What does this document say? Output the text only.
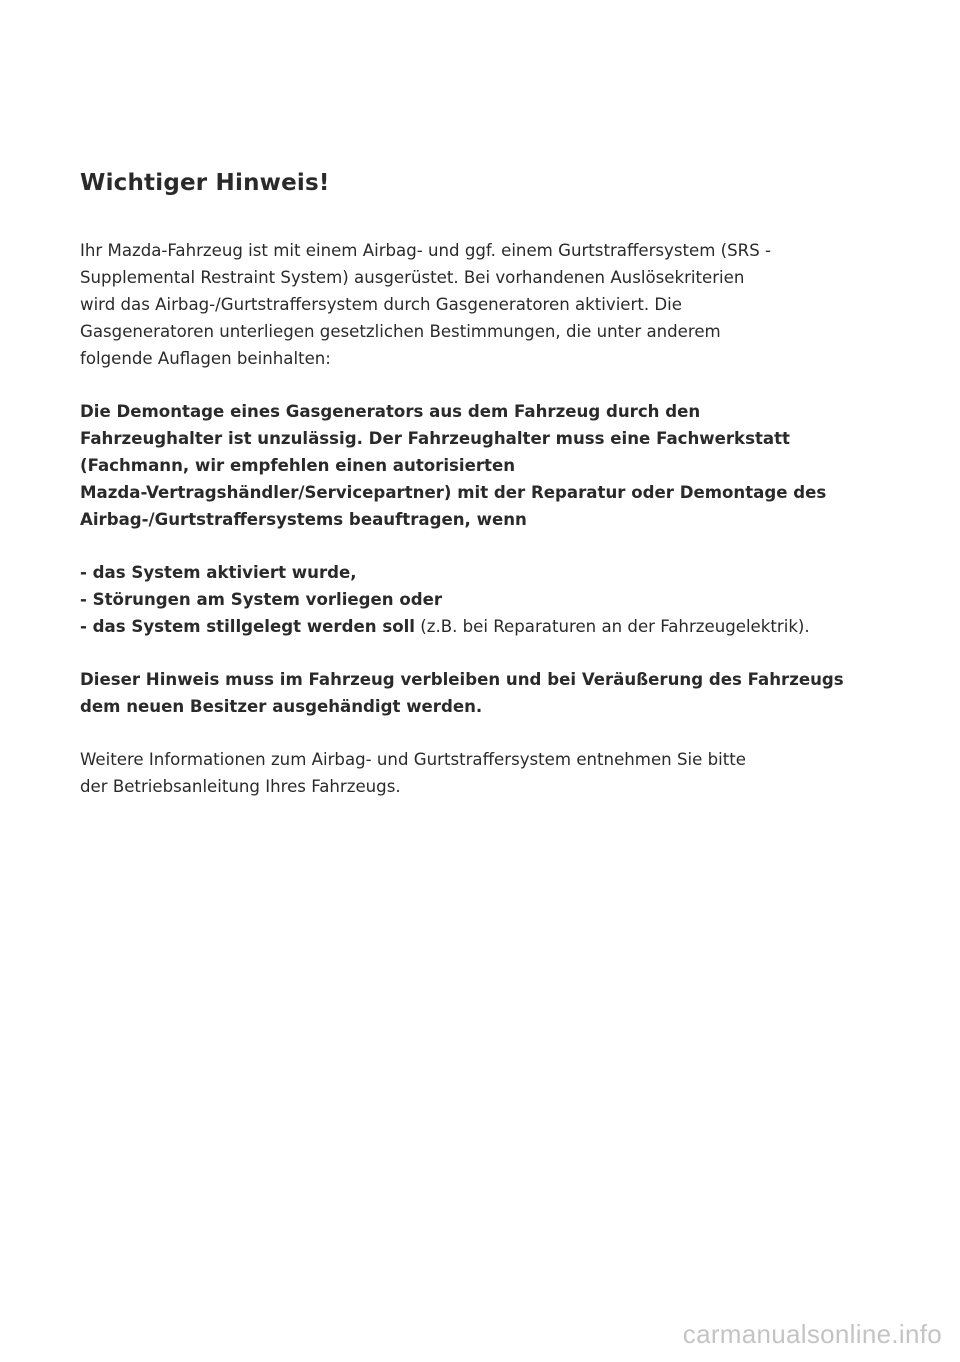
Wichtiger Hinweis!

Ihr Mazda-Fahrzeug ist mit einem Airbag- und ggf. einem Gurtstraffersystem (SRS -
Supplemental Restraint System) ausgerüstet. Bei vorhandenen Auslösekriterien
wird das Airbag-/Gurtstraffersystem durch Gasgeneratoren aktiviert. Die
Gasgeneratoren unterliegen gesetzlichen Bestimmungen, die unter anderem
folgende Auflagen beinhalten:

Die Demontage eines Gasgenerators aus dem Fahrzeug durch den
Fahrzeughalter ist unzulässig. Der Fahrzeughalter muss eine Fachwerkstatt
(Fachmann, wir empfehlen einen autorisierten
Mazda-Vertragshändler/Servicepartner) mit der Reparatur oder Demontage des
Airbag-/Gurtstraffersystems beauftragen, wenn

- das System aktiviert wurde,
- Störungen am System vorliegen oder
- das System stillgelegt werden soll (z.B. bei Reparaturen an der Fahrzeugelektrik).

Dieser Hinweis muss im Fahrzeug verbleiben und bei Veräußerung des Fahrzeugs
dem neuen Besitzer ausgehändigt werden.

Weitere Informationen zum Airbag- und Gurtstraffersystem entnehmen Sie bitte
der Betriebsanleitung Ihres Fahrzeugs.

carmanualsonline.info
